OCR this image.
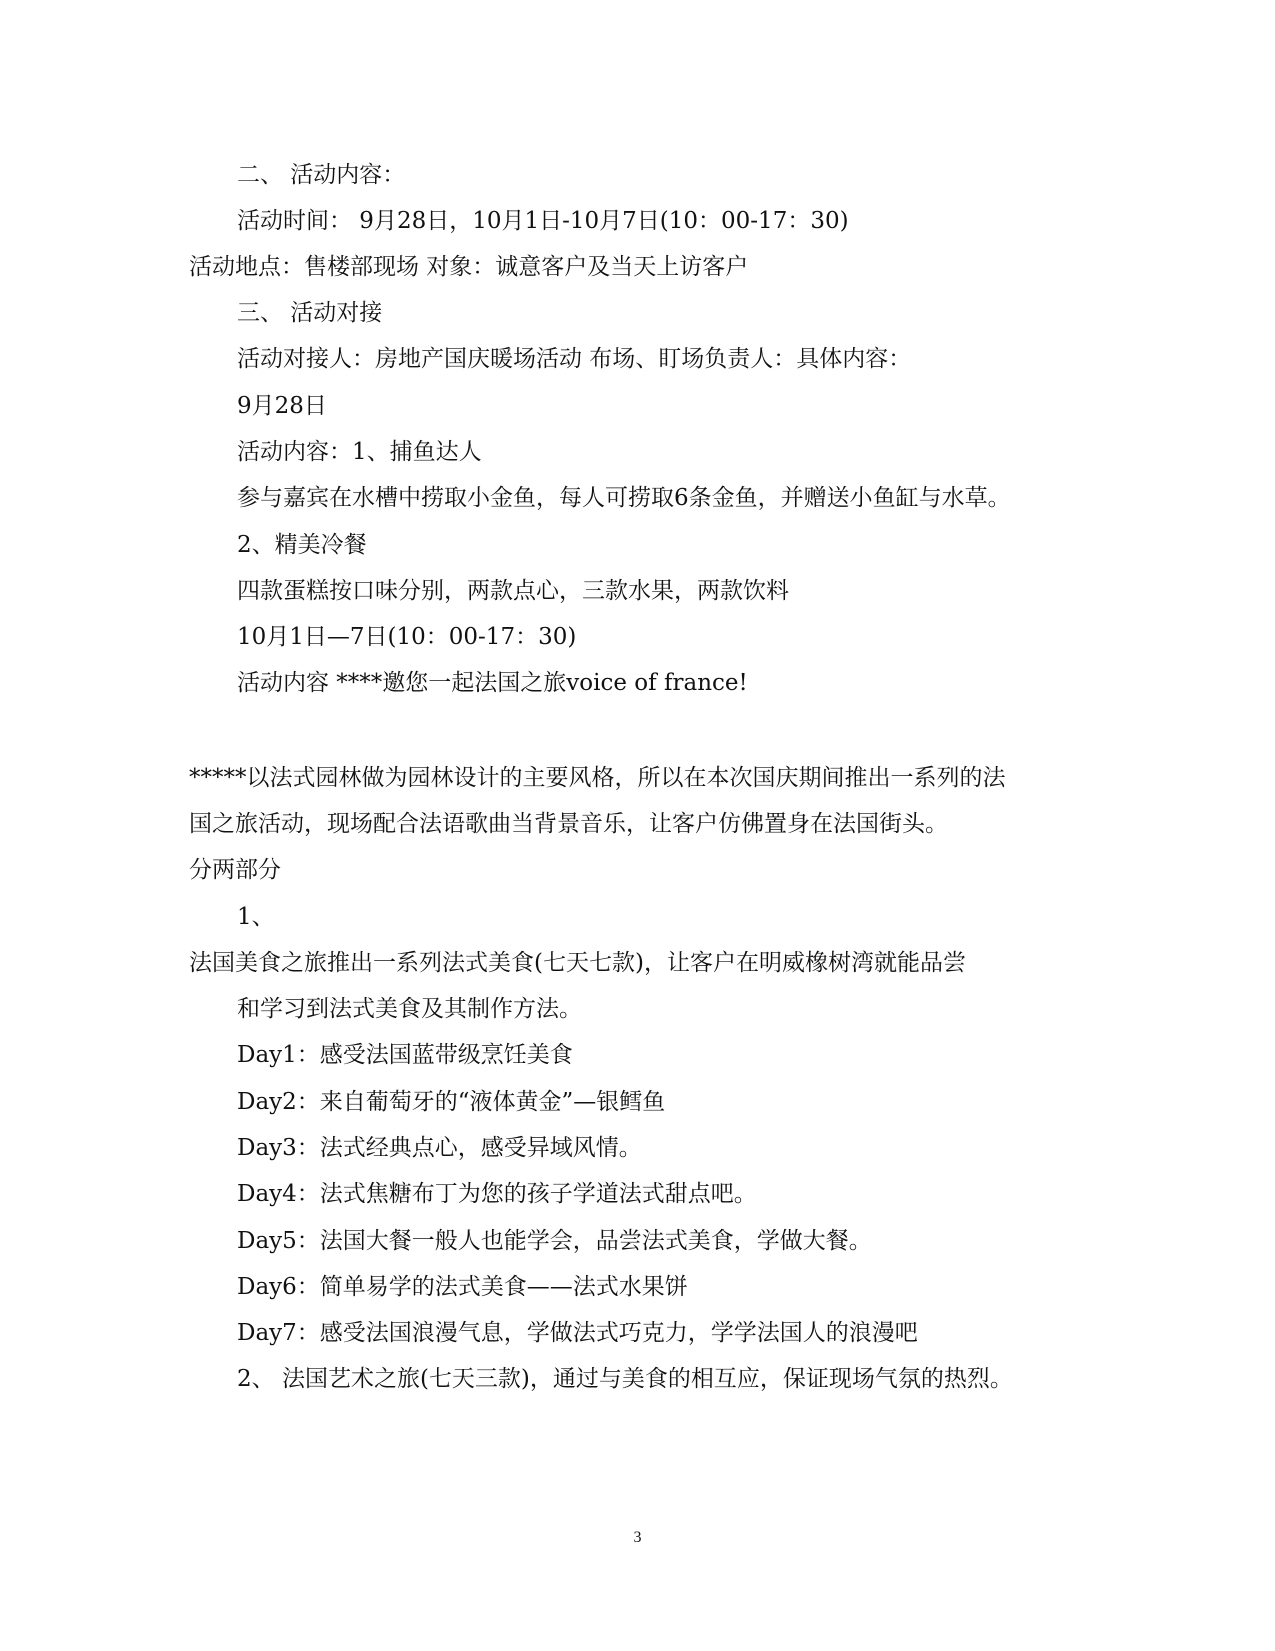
二、 活动内容：
活动时间： 9月28日，10月1日-10月7日(10：00-17：30)
活动地点：售楼部现场 对象：诚意客户及当天上访客户
三、 活动对接
活动对接人：房地产国庆暖场活动 布场、盯场负责人：具体内容：
9月28日
活动内容：1、捕鱼达人
参与嘉宾在水槽中捞取小金鱼，每人可捞取6条金鱼，并赠送小鱼缸与水草。
2、精美冷餐
四款蛋糕按口味分别，两款点心，三款水果，两款饮料
10月1日—7日(10：00-17：30)
活动内容 ****邀您一起法国之旅voice of france!
*****以法式园林做为园林设计的主要风格，所以在本次国庆期间推出一系列的法
国之旅活动，现场配合法语歌曲当背景音乐，让客户仿佛置身在法国街头。
分两部分
1、
法国美食之旅推出一系列法式美食(七天七款)，让客户在明威橡树湾就能品尝
和学习到法式美食及其制作方法。
Day1：感受法国蓝带级烹饪美食
Day2：来自葡萄牙的“液体黄金”—银鳕鱼
Day3：法式经典点心，感受异域风情。
Day4：法式焦糖布丁为您的孩子学道法式甜点吧。
Day5：法国大餐一般人也能学会，品尝法式美食，学做大餐。
Day6：简单易学的法式美食——法式水果饼
Day7：感受法国浪漫气息，学做法式巧克力，学学法国人的浪漫吧
2、 法国艺术之旅(七天三款)，通过与美食的相互应，保证现场气氛的热烈。
3
